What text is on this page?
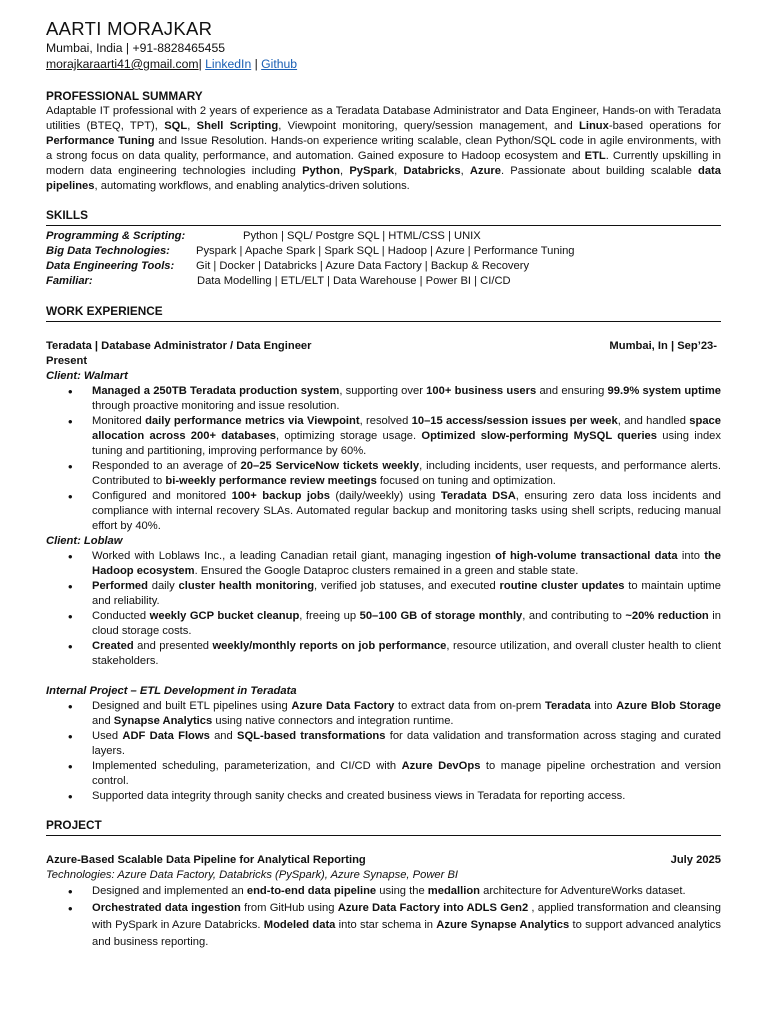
AARTI MORAJKAR
Mumbai, India | +91-8828465455
morajkaraarti41@gmail.com| LinkedIn | Github
PROFESSIONAL SUMMARY
Adaptable IT professional with 2 years of experience as a Teradata Database Administrator and Data Engineer, Hands-on with Teradata utilities (BTEQ, TPT), SQL, Shell Scripting, Viewpoint monitoring, query/session management, and Linux-based operations for Performance Tuning and Issue Resolution. Hands-on experience writing scalable, clean Python/SQL code in agile environments, with a strong focus on data quality, performance, and automation. Gained exposure to Hadoop ecosystem and ETL. Currently upskilling in modern data engineering technologies including Python, PySpark, Databricks, Azure. Passionate about building scalable data pipelines, automating workflows, and enabling analytics-driven solutions.
SKILLS
Programming & Scripting:	Python | SQL/ Postgre SQL | HTML/CSS | UNIX
Big Data Technologies:	Pyspark | Apache Spark | Spark SQL | Hadoop | Azure | Performance Tuning
Data Engineering Tools:	Git | Docker | Databricks | Azure Data Factory | Backup & Recovery
Familiar:	Data Modelling | ETL/ELT | Data Warehouse | Power BI | CI/CD
WORK EXPERIENCE
Teradata | Database Administrator / Data Engineer	Mumbai, In | Sep’23-
Present
Client: Walmart
• Managed a 250TB Teradata production system, supporting over 100+ business users and ensuring 99.9% system uptime through proactive monitoring and issue resolution.
• Monitored daily performance metrics via Viewpoint, resolved 10–15 access/session issues per week, and handled space allocation across 200+ databases, optimizing storage usage. Optimized slow-performing MySQL queries using index tuning and partitioning, improving performance by 60%.
• Responded to an average of 20–25 ServiceNow tickets weekly, including incidents, user requests, and performance alerts. Contributed to bi-weekly performance review meetings focused on tuning and optimization.
• Configured and monitored 100+ backup jobs (daily/weekly) using Teradata DSA, ensuring zero data loss incidents and compliance with internal recovery SLAs. Automated regular backup and monitoring tasks using shell scripts, reducing manual effort by 40%.
Client: Loblaw
• Worked with Loblaws Inc., a leading Canadian retail giant, managing ingestion of high-volume transactional data into the Hadoop ecosystem. Ensured the Google Dataproc clusters remained in a green and stable state.
• Performed daily cluster health monitoring, verified job statuses, and executed routine cluster updates to maintain uptime and reliability.
• Conducted weekly GCP bucket cleanup, freeing up 50–100 GB of storage monthly, and contributing to ~20% reduction in cloud storage costs.
• Created and presented weekly/monthly reports on job performance, resource utilization, and overall cluster health to client stakeholders.
Internal Project – ETL Development in Teradata
• Designed and built ETL pipelines using Azure Data Factory to extract data from on-prem Teradata into Azure Blob Storage and Synapse Analytics using native connectors and integration runtime.
• Used ADF Data Flows and SQL-based transformations for data validation and transformation across staging and curated layers.
• Implemented scheduling, parameterization, and CI/CD with Azure DevOps to manage pipeline orchestration and version control.
• Supported data integrity through sanity checks and created business views in Teradata for reporting access.
PROJECT
Azure-Based Scalable Data Pipeline for Analytical Reporting	July 2025
Technologies: Azure Data Factory, Databricks (PySpark), Azure Synapse, Power BI
• Designed and implemented an end-to-end data pipeline using the medallion architecture for AdventureWorks dataset.
• Orchestrated data ingestion from GitHub using Azure Data Factory into ADLS Gen2 , applied transformation and cleansing with PySpark in Azure Databricks. Modeled data into star schema in Azure Synapse Analytics to support advanced analytics and business reporting.
